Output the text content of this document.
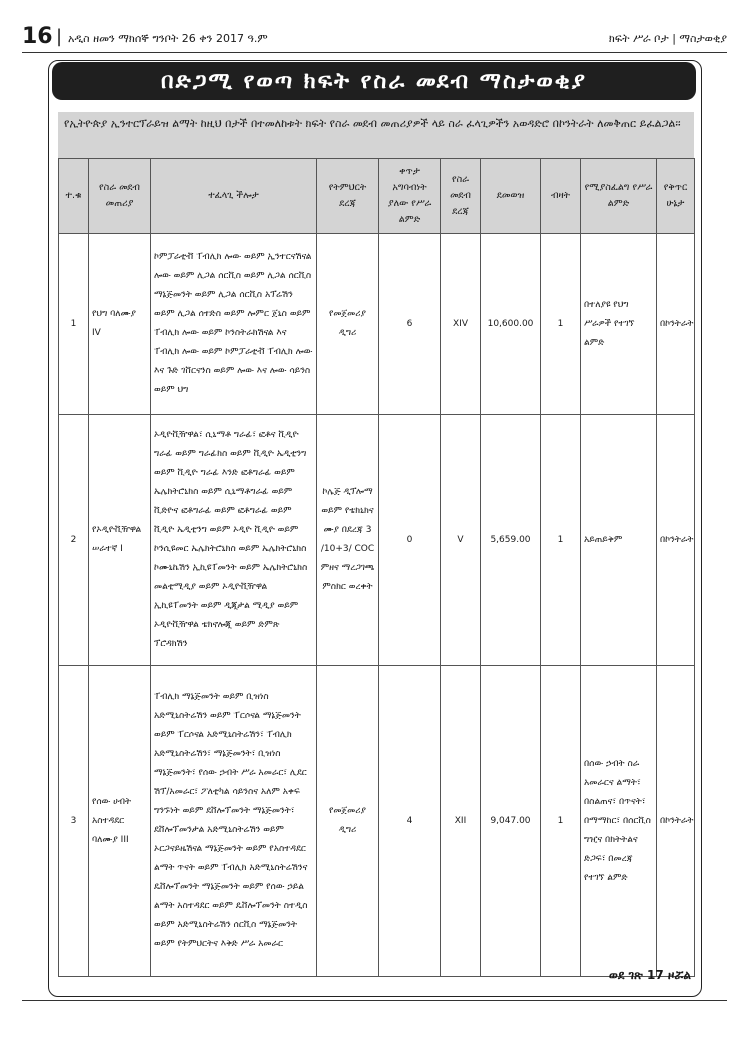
16 | አዲስ ዘመን ማክሰኞ ግንቦት 26 ቀን 2017 ዓ.ም	ክፍት ሥራ ቦታ | ማስታወቂያ
በድጋሚ የወጣ ክፍት የስራ መደብ ማስታወቂያ
የኢትዮጵያ ኢንተርፕራይዝ ልማት ከዚህ በታች በተመለከቱት ክፍት የስራ መደብ መጠሪያዎች ላይ ስራ ፈላጊዎችን አወዳድሮ በኮንትራት ለመቅጠር ይፈልጋል፡፡
ተ.ቁ	የስራ መደብ መጠሪያ	ተፈላጊ ችሎታ	የትምህርት ደረጃ	ቀጥታ አግባብነት ያለው የሥራ ልምድ	የስራ መደብ ደረጃ	ደመወዝ	ብዛት	የሚያስፈልግ የሥራ ልምድ	የቅጥር ሁኔታ
1	የህግ ባለሙያ IV	ኮምፓራቲቭ ፐብሊክ ሎው ወይም ኢንተርናሽናል ሎው ወይም ሊጋል ሰርቪስ ወይም ሊጋል ሰርቪስ ማኔጅመንት ወይም ሊጋል ሰርቪስ አፕሬሽን ወይም ሊጋል ሰተድስ ወይም ሎምር ጀኒስ ወይም ፐብሊክ ሎው ወይም ኮንስትራክሽናል እና ፐብሊክ ሎው ወይም ኮምፓራቲቭ ፐብሊክ ሎው እና ጉድ ገቨርናንስ ወይም ሎው እና ሎው ሳይንስ ወይም ህግ	የመጀመሪያ ዲግሪ	6	XIV	10,600.00	1	በተለያዩ የህግ ሥራዎች የተገኘ ልምድ	በኮንትራት
2	የኦዲዮቪዥዋል ሠራተኛ I	ኦዲዮቪዥዋል፣ ሲኒማቶ ግራፊ፣ ፎቶና ቪዲዮ ግራፊ ወይም ግራፊክስ ወይም ቪዲዮ ኤዲቲንግ ወይም ቪዲዮ ግራፊ እንድ ፎቶግራፊ ወይም ኤሌክትሮኒክስ ወይም ሲኒማቶግራፊ ወይም ቪድዮና ፎቶግራፊ ወይም ፎቶግራፊ ወይም ቪዲዮ ኤዲቲንግ ወይም ኦዲዮ ቪዲዮ ወይም ኮንሲዩመር ኤሌክትሮኒክስ ወይም ኤሌክትሮኒክስ ኮሙኒኬሽን ኢኪዩፐመንት ወይም ኤሌክትሮኒክስ መልቲሚዲያ ወይም ኦዲዮቪዥዋል ኢኪዩፐመንት ወይም ዲጂታል ሚዲያ ወይም ኦዲዮቪዥዋል ቴክኖሎጂ ወይም ድምጽ ፕሮዳክሽን	ኮሌጅ ዲፕሎማ ወይም የቴክኒክና ሙያ በደረጃ 3 /10+3/ COC ምዘና ማረጋገጫ ምስክር ወረቀት	0	V	5,659.00	1	አይጠይቅም	በኮንትራት
3	የሰው ሀብት አስተዳደር ባለሙያ III	ፐብሊክ ማኔጅመንት ወይም ቢዝነስ አድሚኒስትሬሽን ወይም ፐርሶናል ማኔጅመንት ወይም ፐርሶናል አድሚኒስትሬሽን፣ ፐብሊክ አድሚኒስትሬሽን፣ ማኔጅመንት፣ ቢዝነስ ማኔጅመንት፣ የሰው ኃብት ሥራ አመራር፣ ሊደር ሽፕ/አመራር፣ ፖለቲካል ሳይንስና አለም አቀፍ ግንኙነት ወይም ደቨሎፕመንት ማኔጅመንት፣ ደቨሎፕመንታል አድሚኒስትሬሽን ወይም ኦርጋናይዜሽናል ማኔጅመንት ወይም የአስተዳደር ልማት ጥናት ወይም ፐብሊክ አድሚኒስትሬሽንና ዴቨሎፕመንት ማኔጅመንት ወይም የሰው ኃይል ልማት አስተዳደር ወይም ዴቨሎፕመንት ስተዲስ ወይም አድሚኒስትሬሽን ሰርቪስ ማኔጅመንት ወይም የትምህርትና እቅድ ሥራ አመራር	የመጀመሪያ ዲግሪ	4	XII	9,047.00	1	በሰው ኃብት ስራ አመራርና ልማት፣ በስልጠና፣ በጥናት፣ በማማከር፣ በሰርቪስ ግዢና በክትትልና ድጋፍ፣ በመረጃ የተገኘ ልምድ	በኮንትራት
ወደ ገጽ 17 ዞሯል
